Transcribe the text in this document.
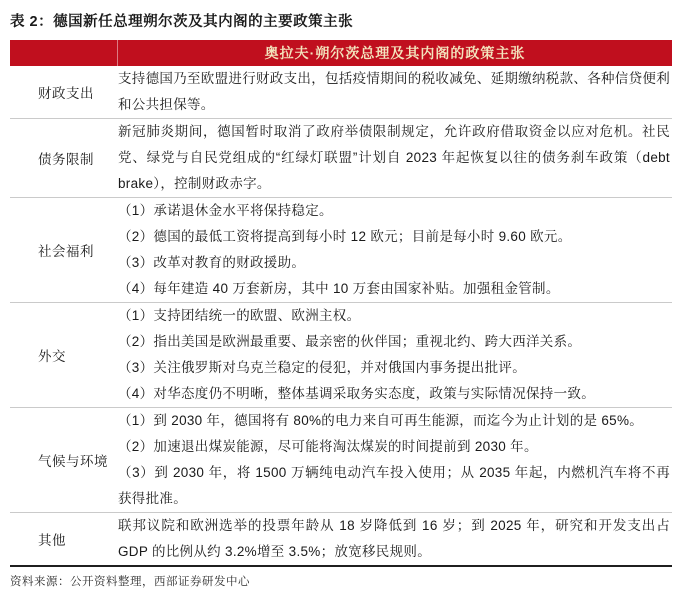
表 2：德国新任总理朔尔茨及其内阁的主要政策主张
奥拉夫·朔尔茨总理及其内阁的政策主张
财政支出
支持德国乃至欧盟进行财政支出，包括疫情期间的税收减免、延期缴纳税款、各种信贷便利和公共担保等。
债务限制
新冠肺炎期间，德国暂时取消了政府举债限制规定，允许政府借取资金以应对危机。社民党、绿党与自民党组成的“红绿灯联盟”计划自 2023 年起恢复以往的债务刹车政策（debt brake），控制财政赤字。
社会福利
（1）承诺退休金水平将保持稳定。
（2）德国的最低工资将提高到每小时 12 欧元；目前是每小时 9.60 欧元。
（3）改革对教育的财政援助。
（4）每年建造 40 万套新房，其中 10 万套由国家补贴。加强租金管制。
外交
（1）支持团结统一的欧盟、欧洲主权。
（2）指出美国是欧洲最重要、最亲密的伙伴国；重视北约、跨大西洋关系。
（3）关注俄罗斯对乌克兰稳定的侵犯，并对俄国内事务提出批评。
（4）对华态度仍不明晰，整体基调采取务实态度，政策与实际情况保持一致。
气候与环境
（1）到 2030 年，德国将有 80%的电力来自可再生能源，而迄今为止计划的是 65%。
（2）加速退出煤炭能源，尽可能将淘汰煤炭的时间提前到 2030 年。
（3）到 2030 年，将 1500 万辆纯电动汽车投入使用；从 2035 年起，内燃机汽车将不再获得批准。
其他
联邦议院和欧洲选举的投票年龄从 18 岁降低到 16 岁；到 2025 年，研究和开发支出占 GDP 的比例从约 3.2%增至 3.5%；放宽移民规则。
资料来源：公开资料整理，西部证券研发中心
